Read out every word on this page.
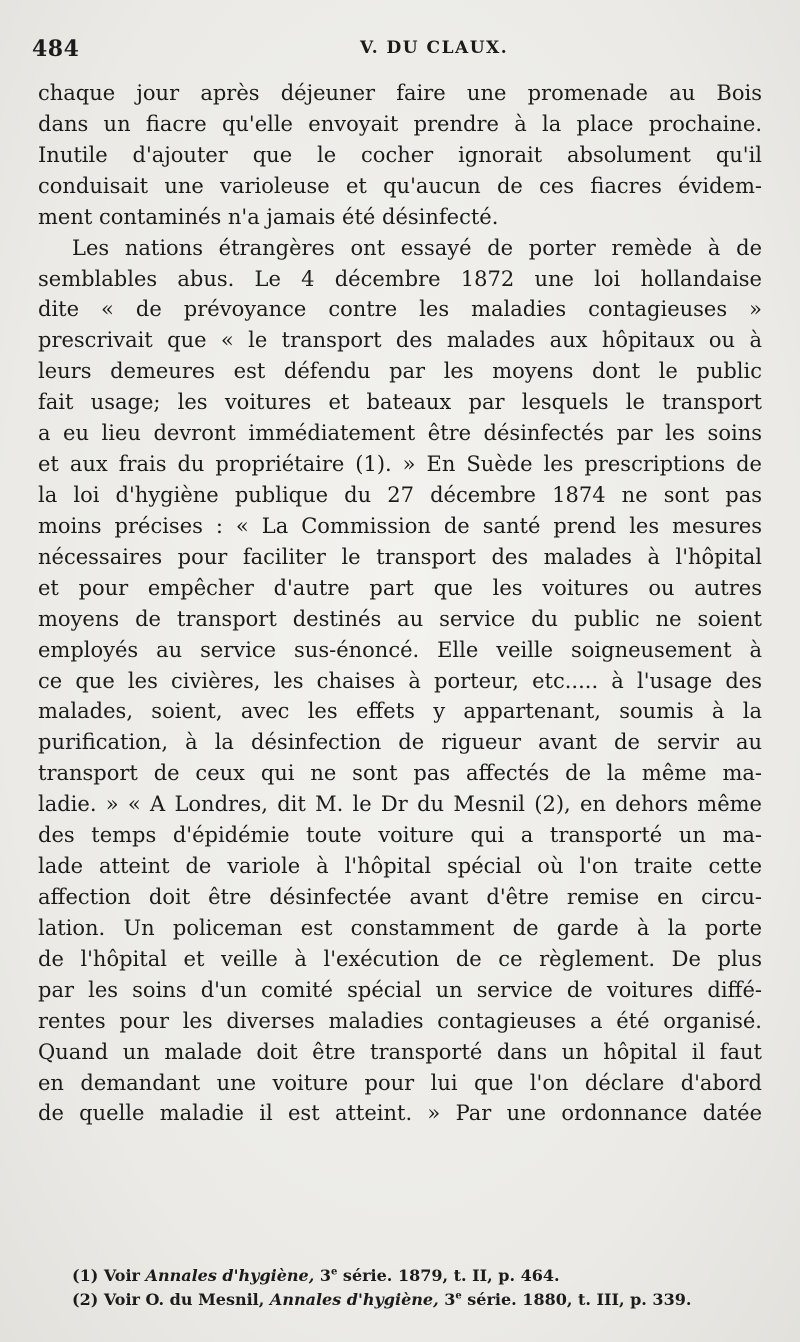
484	V. DU CLAUX.
chaque jour après déjeuner faire une promenade au Bois
dans un fiacre qu'elle envoyait prendre à la place prochaine.
Inutile d'ajouter que le cocher ignorait absolument qu'il
conduisait une varioleuse et qu'aucun de ces fiacres évidem-
ment contaminés n'a jamais été désinfecté.
Les nations étrangères ont essayé de porter remède à de
semblables abus. Le 4 décembre 1872 une loi hollandaise
dite « de prévoyance contre les maladies contagieuses »
prescrivait que « le transport des malades aux hôpitaux ou à
leurs demeures est défendu par les moyens dont le public
fait usage; les voitures et bateaux par lesquels le transport
a eu lieu devront immédiatement être désinfectés par les soins
et aux frais du propriétaire (1). » En Suède les prescriptions de
la loi d'hygiène publique du 27 décembre 1874 ne sont pas
moins précises : « La Commission de santé prend les mesures
nécessaires pour faciliter le transport des malades à l'hôpital
et pour empêcher d'autre part que les voitures ou autres
moyens de transport destinés au service du public ne soient
employés au service sus-énoncé. Elle veille soigneusement à
ce que les civières, les chaises à porteur, etc..... à l'usage des
malades, soient, avec les effets y appartenant, soumis à la
purification, à la désinfection de rigueur avant de servir au
transport de ceux qui ne sont pas affectés de la même ma-
ladie. » « A Londres, dit M. le Dr du Mesnil (2), en dehors même
des temps d'épidémie toute voiture qui a transporté un ma-
lade atteint de variole à l'hôpital spécial où l'on traite cette
affection doit être désinfectée avant d'être remise en circu-
lation. Un policeman est constamment de garde à la porte
de l'hôpital et veille à l'exécution de ce règlement. De plus
par les soins d'un comité spécial un service de voitures diffé-
rentes pour les diverses maladies contagieuses a été organisé.
Quand un malade doit être transporté dans un hôpital il faut
en demandant une voiture pour lui que l'on déclare d'abord
de quelle maladie il est atteint. » Par une ordonnance datée
(1) Voir Annales d'hygiène, 3e série. 1879, t. II, p. 464.
(2) Voir O. du Mesnil, Annales d'hygiène, 3e série. 1880, t. III, p. 339.
